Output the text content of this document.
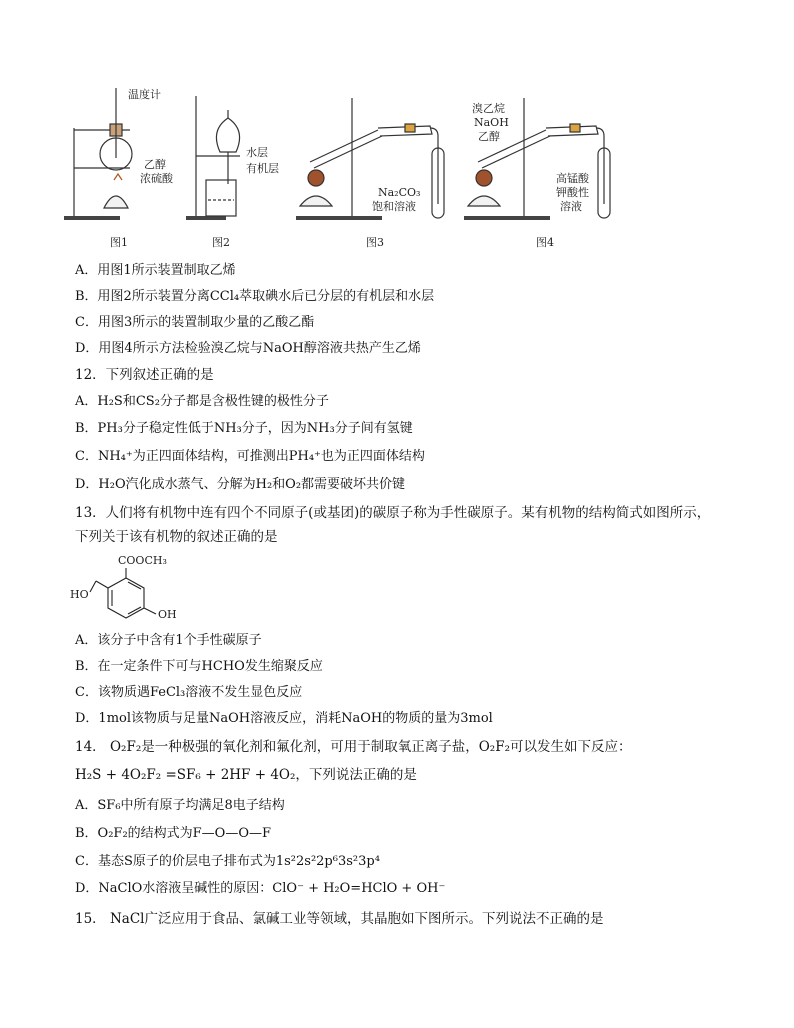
温度计
乙醇
浓硫酸
水层
有机层
Na₂CO₃
饱和溶液
溴乙烷
NaOH
乙醇
高锰酸
钾酸性
溶液
图1	图2	图3	图4
A．用图1所示装置制取乙烯
B．用图2所示装置分离CCl₄萃取碘水后已分层的有机层和水层
C．用图3所示的装置制取少量的乙酸乙酯
D．用图4所示方法检验溴乙烷与NaOH醇溶液共热产生乙烯
12．下列叙述正确的是
A．H₂S和CS₂分子都是含极性键的极性分子
B．PH₃分子稳定性低于NH₃分子，因为NH₃分子间有氢键
C．NH₄⁺为正四面体结构，可推测出PH₄⁺也为正四面体结构
D．H₂O汽化成水蒸气、分解为H₂和O₂都需要破坏共价键
13．人们将有机物中连有四个不同原子(或基团)的碳原子称为手性碳原子。某有机物的结构简式如图所示，
下列关于该有机物的叙述正确的是
COOCH₃
HO
OH
A．该分子中含有1个手性碳原子
B．在一定条件下可与HCHO发生缩聚反应
C．该物质遇FeCl₃溶液不发生显色反应
D．1mol该物质与足量NaOH溶液反应，消耗NaOH的物质的量为3mol
14． O₂F₂是一种极强的氧化剂和氟化剂，可用于制取氧正离子盐，O₂F₂可以发生如下反应：
H₂S + 4O₂F₂ =SF₆ + 2HF + 4O₂，下列说法正确的是
A．SF₆中所有原子均满足8电子结构
B．O₂F₂的结构式为F—O—O—F
C．基态S原子的价层电子排布式为1s²2s²2p⁶3s²3p⁴
D．NaClO水溶液呈碱性的原因：ClO⁻ + H₂O=HClO + OH⁻
15． NaCl广泛应用于食品、氯碱工业等领域，其晶胞如下图所示。下列说法不正确的是
